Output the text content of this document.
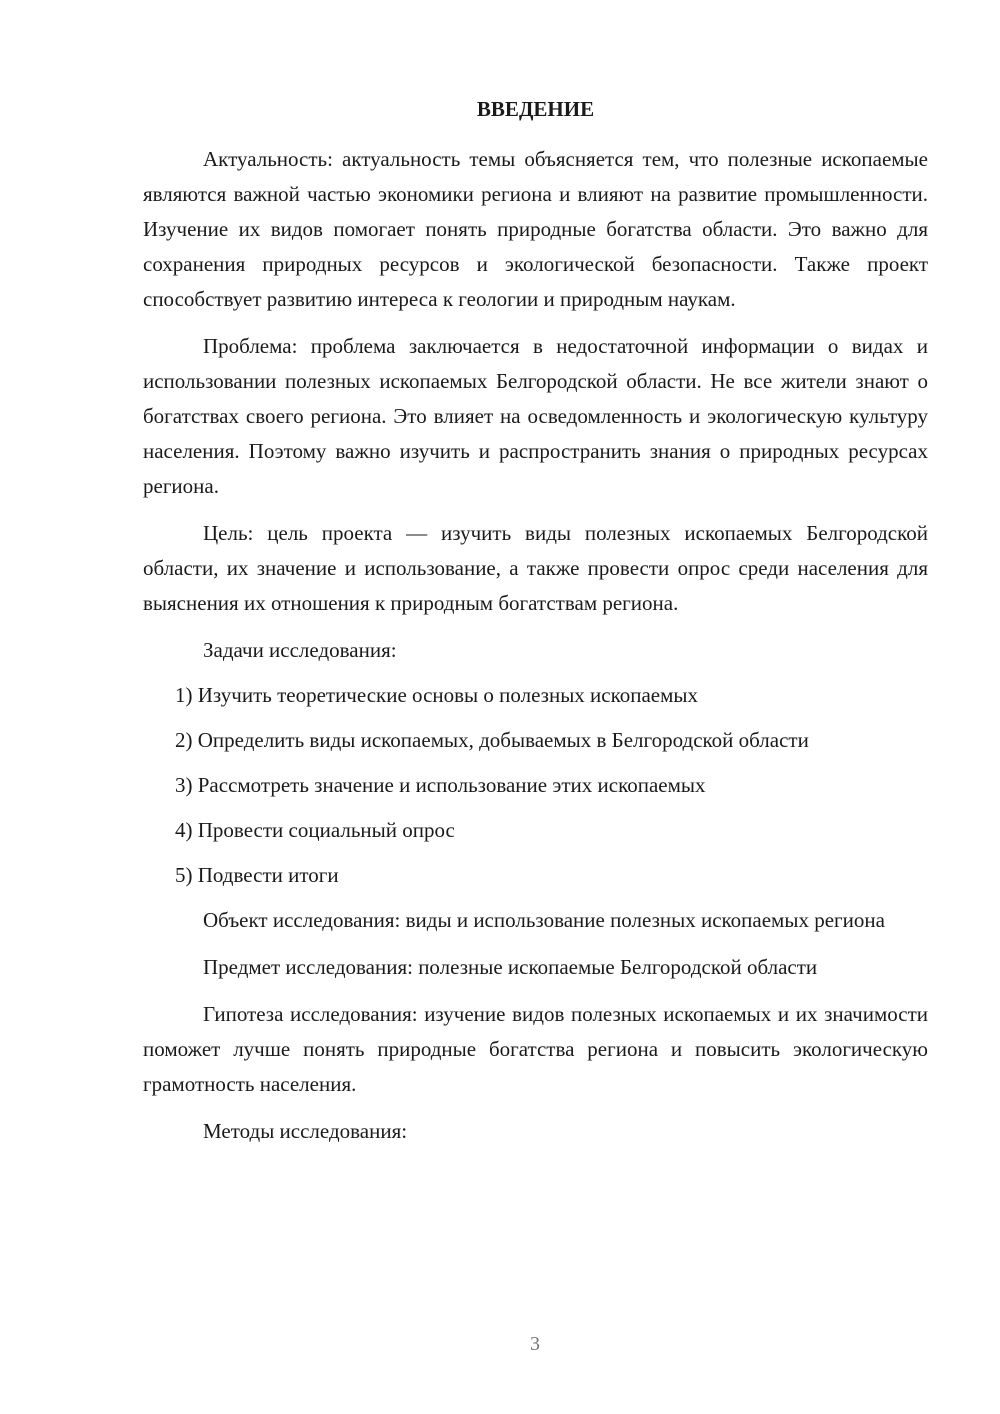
ВВЕДЕНИЕ

Актуальность: актуальность темы объясняется тем, что полезные ископаемые являются важной частью экономики региона и влияют на развитие промышленности. Изучение их видов помогает понять природные богатства области. Это важно для сохранения природных ресурсов и экологической безопасности. Также проект способствует развитию интереса к геологии и природным наукам.

Проблема: проблема заключается в недостаточной информации о видах и использовании полезных ископаемых Белгородской области. Не все жители знают о богатствах своего региона. Это влияет на осведомленность и экологическую культуру населения. Поэтому важно изучить и распространить знания о природных ресурсах региона.

Цель: цель проекта — изучить виды полезных ископаемых Белгородской области, их значение и использование, а также провести опрос среди населения для выяснения их отношения к природным богатствам региона.

Задачи исследования:

1) Изучить теоретические основы о полезных ископаемых
2) Определить виды ископаемых, добываемых в Белгородской области
3) Рассмотреть значение и использование этих ископаемых
4) Провести социальный опрос
5) Подвести итоги

Объект исследования: виды и использование полезных ископаемых региона

Предмет исследования: полезные ископаемые Белгородской области

Гипотеза исследования: изучение видов полезных ископаемых и их значимости поможет лучше понять природные богатства региона и повысить экологическую грамотность населения.

Методы исследования:

3
